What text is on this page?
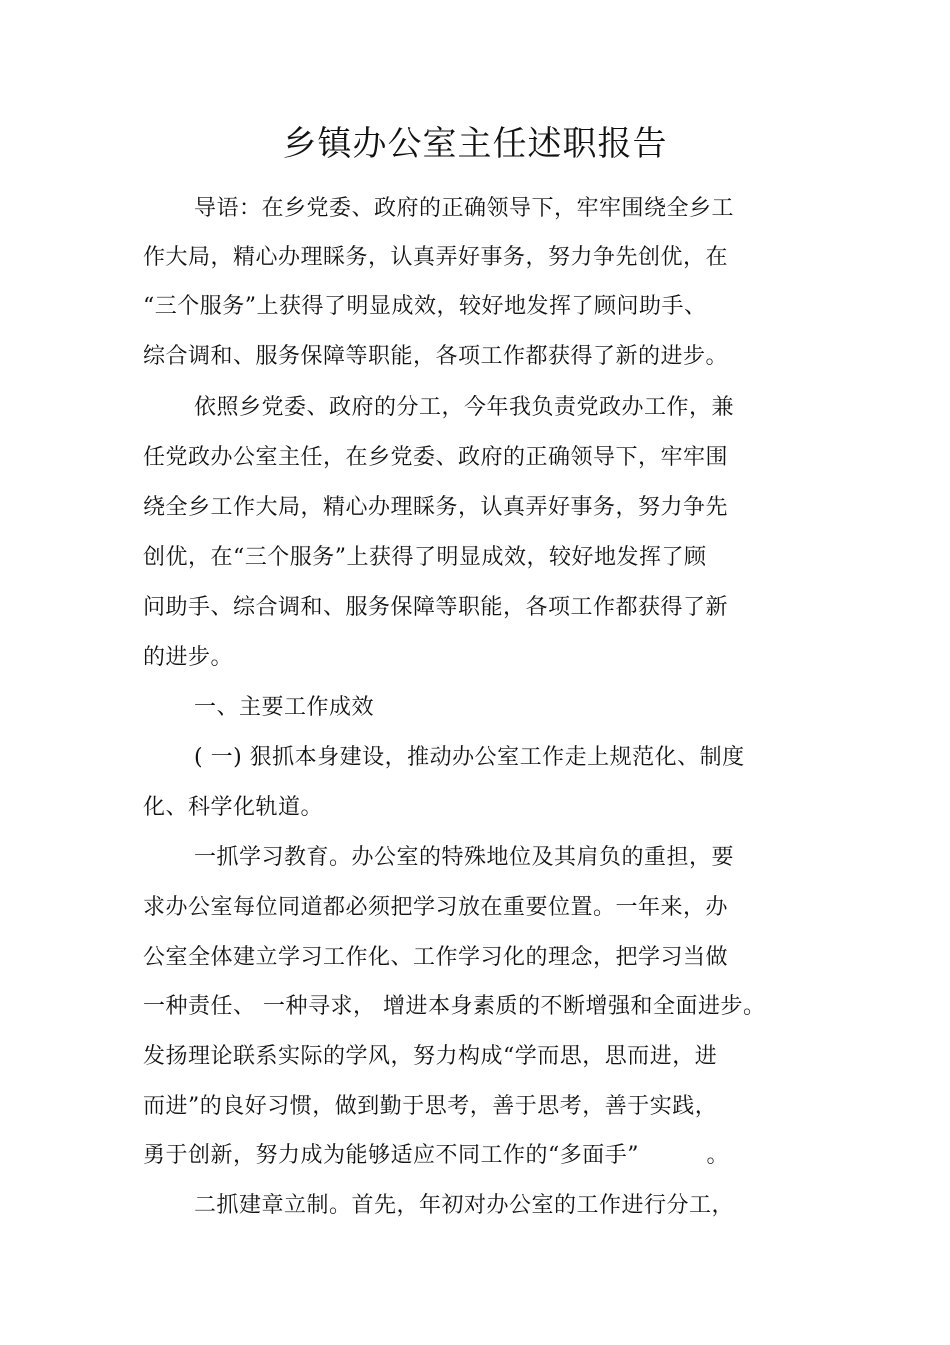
乡镇办公室主任述职报告
导语：在乡党委、政府的正确领导下，牢牢围绕全乡工
作大局，精心办理睬务，认真弄好事务，努力争先创优，在
“三个服务”上获得了明显成效，较好地发挥了顾问助手、
综合调和、服务保障等职能，各项工作都获得了新的进步。
依照乡党委、政府的分工，今年我负责党政办工作，兼
任党政办公室主任，在乡党委、政府的正确领导下，牢牢围
绕全乡工作大局，精心办理睬务，认真弄好事务，努力争先
创优，在“三个服务”上获得了明显成效，较好地发挥了顾
问助手、综合调和、服务保障等职能，各项工作都获得了新
的进步。
一、主要工作成效
( 一) 狠抓本身建设，推动办公室工作走上规范化、制度
化、科学化轨道。
一抓学习教育。办公室的特殊地位及其肩负的重担，要
求办公室每位同道都必须把学习放在重要位置。一年来，办
公室全体建立学习工作化、工作学习化的理念，把学习当做
一种责任、 一种寻求， 增进本身素质的不断增强和全面进步。
发扬理论联系实际的学风，努力构成“学而思，思而进，进
而进”的良好习惯，做到勤于思考，善于思考，善于实践，
勇于创新，努力成为能够适应不同工作的“多面手”　　　。
二抓建章立制。首先，年初对办公室的工作进行分工，
